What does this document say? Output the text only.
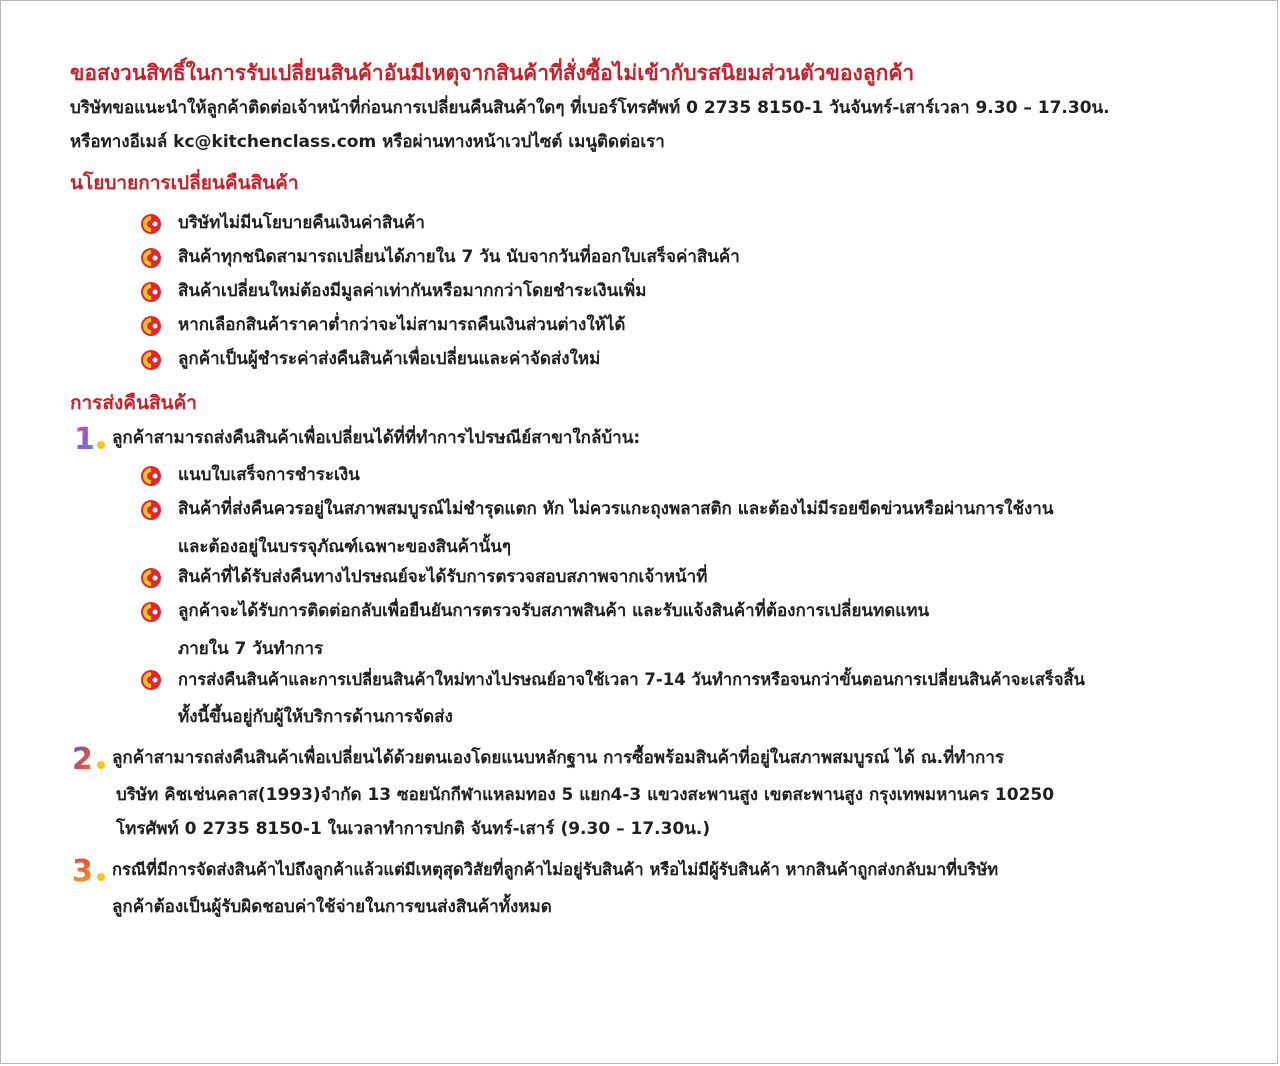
ขอสงวนสิทธิ์ในการรับเปลี่ยนสินค้าอันมีเหตุจากสินค้าที่สั่งซื้อไม่เข้ากับรสนิยมส่วนตัวของลูกค้า
บริษัทขอแนะนำให้ลูกค้าติดต่อเจ้าหน้าที่ก่อนการเปลี่ยนคืนสินค้าใดๆ ที่เบอร์โทรศัพท์ 0 2735 8150-1 วันจันทร์-เสาร์เวลา 9.30 – 17.30น.
หรือทางอีเมล์ kc@kitchenclass.com หรือผ่านทางหน้าเวปไซต์ เมนูติดต่อเรา
นโยบายการเปลี่ยนคืนสินค้า
บริษัทไม่มีนโยบายคืนเงินค่าสินค้า
สินค้าทุกชนิดสามารถเปลี่ยนได้ภายใน 7 วัน นับจากวันที่ออกใบเสร็จค่าสินค้า
สินค้าเปลี่ยนใหม่ต้องมีมูลค่าเท่ากันหรือมากกว่าโดยชำระเงินเพิ่ม
หากเลือกสินค้าราคาต่ำกว่าจะไม่สามารถคืนเงินส่วนต่างให้ได้
ลูกค้าเป็นผู้ชำระค่าส่งคืนสินค้าเพื่อเปลี่ยนและค่าจัดส่งใหม่
การส่งคืนสินค้า
1 ลูกค้าสามารถส่งคืนสินค้าเพื่อเปลี่ยนได้ที่ที่ทำการไปรษณีย์สาขาใกล้บ้าน:
แนบใบเสร็จการชำระเงิน
สินค้าที่ส่งคืนควรอยู่ในสภาพสมบูรณ์ไม่ชำรุดแตก หัก ไม่ควรแกะถุงพลาสติก และต้องไม่มีรอยขีดข่วนหรือผ่านการใช้งาน
และต้องอยู่ในบรรจุภัณฑ์เฉพาะของสินค้านั้นๆ
สินค้าที่ได้รับส่งคืนทางไปรษณย์จะได้รับการตรวจสอบสภาพจากเจ้าหน้าที่
ลูกค้าจะได้รับการติดต่อกลับเพื่อยืนยันการตรวจรับสภาพสินค้า และรับแจ้งสินค้าที่ต้องการเปลี่ยนทดแทน
ภายใน 7 วันทำการ
การส่งคืนสินค้าและการเปลี่ยนสินค้าใหม่ทางไปรษณย์อาจใช้เวลา 7-14 วันทำการหรือจนกว่าขั้นตอนการเปลี่ยนสินค้าจะเสร็จสิ้น
ทั้งนี้ขึ้นอยู่กับผู้ให้บริการด้านการจัดส่ง
2 ลูกค้าสามารถส่งคืนสินค้าเพื่อเปลี่ยนได้ด้วยตนเองโดยแนบหลักฐาน การซื้อพร้อมสินค้าที่อยู่ในสภาพสมบูรณ์ ได้ ณ.ที่ทำการ
บริษัท คิชเช่นคลาส(1993)จำกัด 13 ซอยนักกีฬาแหลมทอง 5 แยก4-3 แขวงสะพานสูง เขตสะพานสูง กรุงเทพมหานคร 10250
โทรศัพท์ 0 2735 8150-1 ในเวลาทำการปกติ จันทร์-เสาร์ (9.30 – 17.30น.)
3 กรณีที่มีการจัดส่งสินค้าไปถึงลูกค้าแล้วแต่มีเหตุสุดวิสัยที่ลูกค้าไม่อยู่รับสินค้า หรือไม่มีผู้รับสินค้า หากสินค้าถูกส่งกลับมาที่บริษัท
ลูกค้าต้องเป็นผู้รับผิดชอบค่าใช้จ่ายในการขนส่งสินค้าทั้งหมด
